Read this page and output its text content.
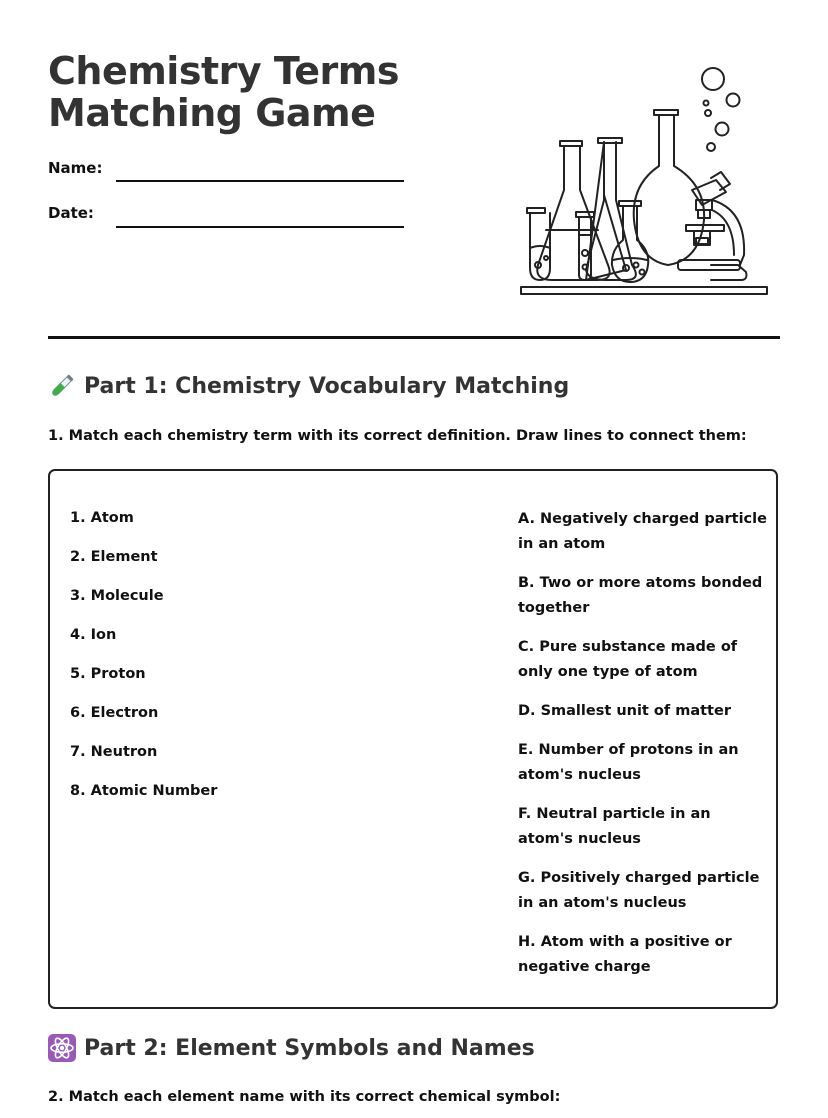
Chemistry Terms
Matching Game
Name:
Date:
Part 1: Chemistry Vocabulary Matching
1. Match each chemistry term with its correct definition. Draw lines to connect them:
1. Atom
2. Element
3. Molecule
4. Ion
5. Proton
6. Electron
7. Neutron
8. Atomic Number
A. Negatively charged particle in an atom
B. Two or more atoms bonded together
C. Pure substance made of only one type of atom
D. Smallest unit of matter
E. Number of protons in an atom's nucleus
F. Neutral particle in an atom's nucleus
G. Positively charged particle in an atom's nucleus
H. Atom with a positive or negative charge
Part 2: Element Symbols and Names
2. Match each element name with its correct chemical symbol:
